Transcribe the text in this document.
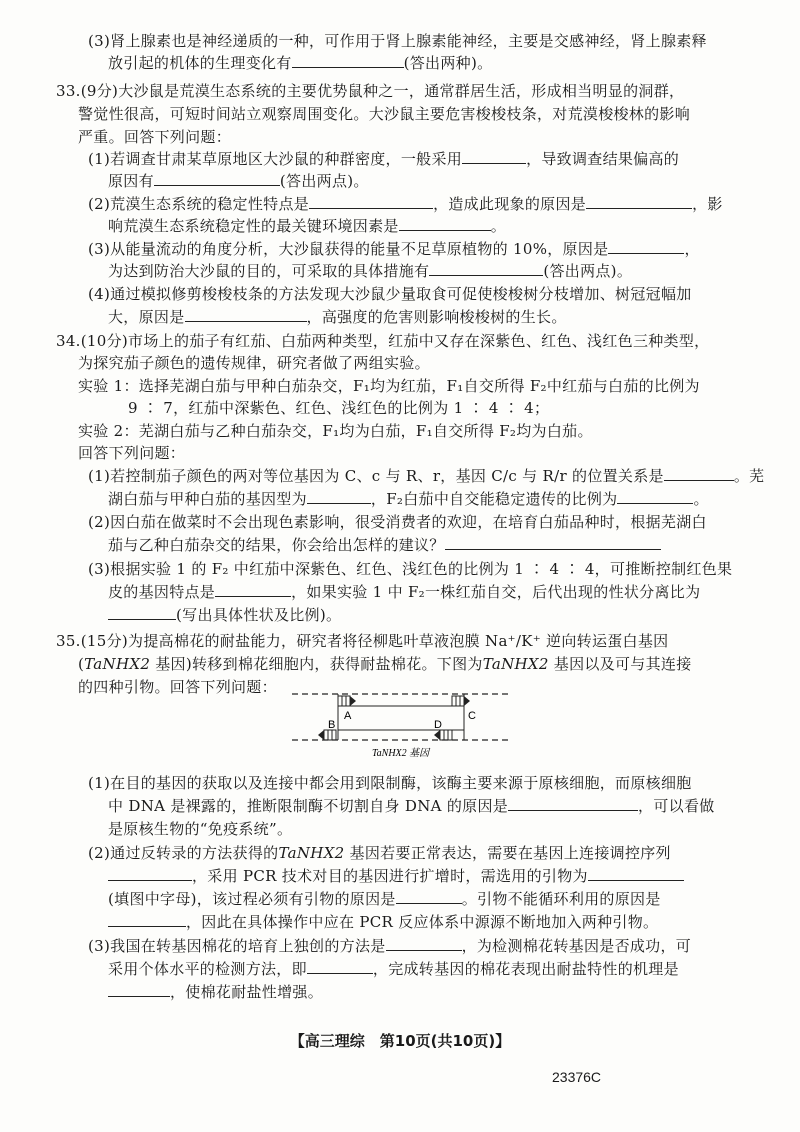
(3)肾上腺素也是神经递质的一种，可作用于肾上腺素能神经，主要是交感神经，肾上腺素释
放引起的机体的生理变化有	(答出两种)。
33.(9分)大沙鼠是荒漠生态系统的主要优势鼠种之一，通常群居生活，形成相当明显的洞群，
警觉性很高，可短时间站立观察周围变化。大沙鼠主要危害梭梭枝条，对荒漠梭梭林的影响
严重。回答下列问题：
(1)若调查甘肃某草原地区大沙鼠的种群密度，一般采用	，导致调查结果偏高的
原因有	(答出两点)。
(2)荒漠生态系统的稳定性特点是	，造成此现象的原因是	，影
响荒漠生态系统稳定性的最关键环境因素是	。
(3)从能量流动的角度分析，大沙鼠获得的能量不足草原植物的 10%，原因是	，
为达到防治大沙鼠的目的，可采取的具体措施有	(答出两点)。
(4)通过模拟修剪梭梭枝条的方法发现大沙鼠少量取食可促使梭梭树分枝增加、树冠冠幅加
大，原因是	，高强度的危害则影响梭梭树的生长。
34.(10分)市场上的茄子有红茄、白茄两种类型，红茄中又存在深紫色、红色、浅红色三种类型，
为探究茄子颜色的遗传规律，研究者做了两组实验。
实验 1：选择芜湖白茄与甲种白茄杂交，F₁均为红茄，F₁自交所得 F₂中红茄与白茄的比例为
9 ∶ 7，红茄中深紫色、红色、浅红色的比例为 1 ∶ 4 ∶ 4；
实验 2：芜湖白茄与乙种白茄杂交，F₁均为白茄，F₁自交所得 F₂均为白茄。
回答下列问题：
(1)若控制茄子颜色的两对等位基因为 C、c 与 R、r，基因 C/c 与 R/r 的位置关系是	。芜
湖白茄与甲种白茄的基因型为	，F₂白茄中自交能稳定遗传的比例为	。
(2)因白茄在做菜时不会出现色素影响，很受消费者的欢迎，在培育白茄品种时，根据芜湖白
茄与乙种白茄杂交的结果，你会给出怎样的建议？
(3)根据实验 1 的 F₂ 中红茄中深紫色、红色、浅红色的比例为 1 ∶ 4 ∶ 4，可推断控制红色果
皮的基因特点是	，如果实验 1 中 F₂一株红茄自交，后代出现的性状分离比为
(写出具体性状及比例)。
35.(15分)为提高棉花的耐盐能力，研究者将径柳匙叶草液泡膜 Na⁺/K⁺ 逆向转运蛋白基因
(TaNHX2 基因)转移到棉花细胞内，获得耐盐棉花。下图为TaNHX2 基因以及可与其连接
的四种引物。回答下列问题：
A	C
B	D
TaNHX2 基因
(1)在目的基因的获取以及连接中都会用到限制酶，该酶主要来源于原核细胞，而原核细胞
中 DNA 是裸露的，推断限制酶不切割自身 DNA 的原因是	，可以看做
是原核生物的“免疫系统”。
(2)通过反转录的方法获得的TaNHX2 基因若要正常表达，需要在基因上连接调控序列
，采用 PCR 技术对目的基因进行扩增时，需选用的引物为
(填图中字母)，该过程必须有引物的原因是	。引物不能循环利用的原因是
，因此在具体操作中应在 PCR 反应体系中源源不断地加入两种引物。
(3)我国在转基因棉花的培育上独创的方法是	，为检测棉花转基因是否成功，可
采用个体水平的检测方法，即	，完成转基因的棉花表现出耐盐特性的机理是
，使棉花耐盐性增强。
【高三理综　第10页(共10页)】
23376C
